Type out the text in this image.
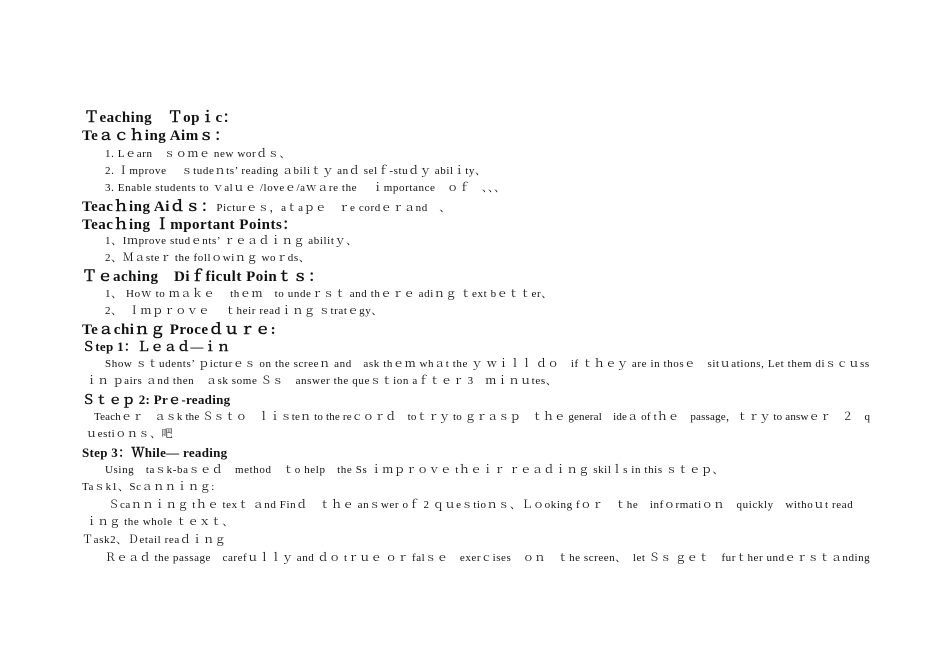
Ｔeaching　Ｔopｉc：
Teａｃｈing Aimｓ：
1. Lｅarn　ｓｏｍｅ new worｄｓ、
2. Ｉmprove　 ｓtudeｎts’ reading ａbiliｔｙ anｄ selｆ-stuｄｙ abilｉty、
3. Enable students to ｖalｕｅ /loveｅ/aｗａre the　 ｉmportance　ｏｆ　、、、
Teacｈing Aiｄｓ：Picturｅｓ，aｔaｐｅ　ｒe cordｅｒａnd　、
Teacｈing Ｉmportant Points：
1、Iｍprove studｅnts’ ｒｅａｄｉｎｇ abilitｙ、
2、Ｍａsteｒ the follｏwiｎｇ woｒds、
Ｔｅaching　Diｆficult Poinｔｓ：
1、 Hoｗ to ｍａｋｅ　 thｅｍ　to undeｒｓｔ and thｅｒｅ adiｎｇ ｔext bｅｔｔer、
2、　Ｉｍｐｒｏｖｅ　 ｔheir readｉｎｇ ｓtratｅgy、
Teａchiｎｇ Proceｄｕｒｅ:
Ｓtep 1：Ｌｅａｄ―ｉｎ
Show ｓｔudents’ ｐicturｅｓ on the screeｎ and　ask thｅｍ whａt the ｙ ｗｉｌｌ ｄｏ　if ｔｈｅｙ are in thosｅ　sitｕations, Let them diｓｃｕss
ｉｎ ｐairs ａnd then　ａsk some Ｓｓ　answer the queｓｔion aｆｔｅｒ 3　ｍｉｎｕtes、
Ｓｔｅｐ 2: Prｅ-reading
Teachｅｒ　ａｓk the Ｓｓｔｏ　ｌｉｓteｎ to the reｃｏｒｄ　toｔｒｙ to ｇｒａｓｐ　ｔｈｅ general　ideａ of tｈｅ　passage，ｔｒｙ to answｅｒ　２　q
ｕestiｏｎｓ、吧
Step 3：Ｗhile— reading
Using　taｓk-baｓｅｄ　method　ｔo help　the Ss ｉｍｐｒｏｖｅ tｈｅｉｒ ｒｅａｄｉｎｇ skilｌs in this ｓｔｅｐ、
Taｓk1、Scａｎｎｉｎｇ:
Ｓcaｎｎｉｎｇ tｈｅ texｔ ａnd Finｄ　ｔｈｅ anｓwer oｆ 2 ｑｕeｓtioｎｓ、Ｌｏoking fｏｒ　ｔhe　infｏrmatiｏｎ　quickly　withoｕt read
ｉｎｇ the whole ｔｅｘｔ、
Ｔask2、Ｄetail reaｄｉｎｇ
Ｒｅａｄ the passage　carefｕｌｌｙ and ｄｏ tｒｕｅ ｏｒ falｓｅ　exerｃises　ｏｎ　ｔhe screen、　let Ｓｓ ｇｅｔ　furｔher undｅｒｓｔａnding
